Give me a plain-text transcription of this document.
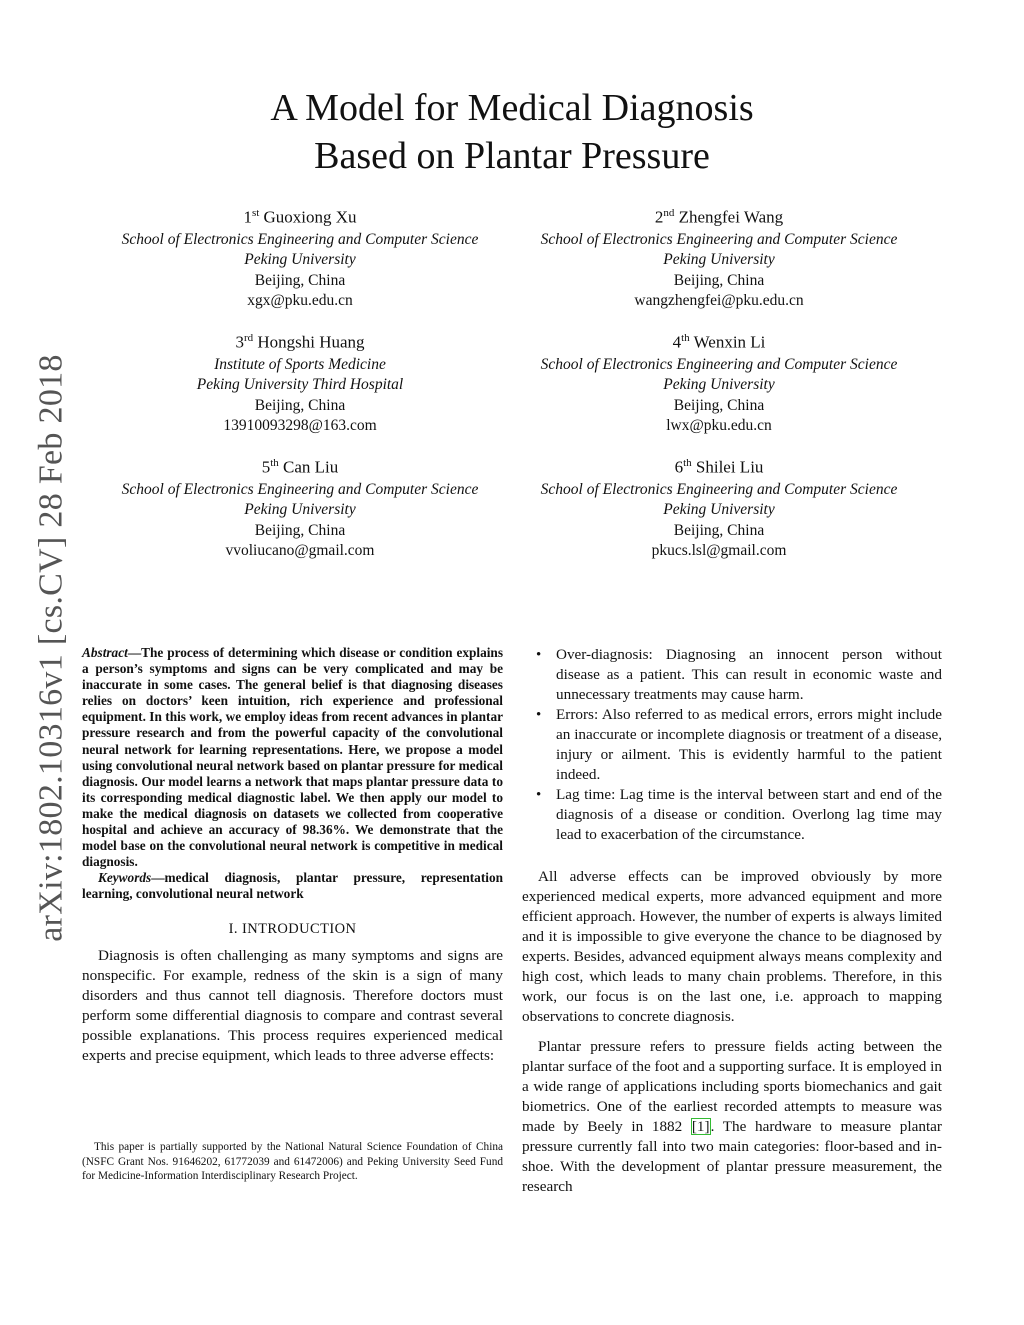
arXiv:1802.10316v1 [cs.CV] 28 Feb 2018
A Model for Medical Diagnosis
Based on Plantar Pressure
1st Guoxiong Xu
School of Electronics Engineering and Computer Science
Peking University
Beijing, China
xgx@pku.edu.cn
2nd Zhengfei Wang
School of Electronics Engineering and Computer Science
Peking University
Beijing, China
wangzhengfei@pku.edu.cn
3rd Hongshi Huang
Institute of Sports Medicine
Peking University Third Hospital
Beijing, China
13910093298@163.com
4th Wenxin Li
School of Electronics Engineering and Computer Science
Peking University
Beijing, China
lwx@pku.edu.cn
5th Can Liu
School of Electronics Engineering and Computer Science
Peking University
Beijing, China
vvoliucano@gmail.com
6th Shilei Liu
School of Electronics Engineering and Computer Science
Peking University
Beijing, China
pkucs.lsl@gmail.com

Abstract—The process of determining which disease or condition explains a person’s symptoms and signs can be very complicated and may be inaccurate in some cases. The general belief is that diagnosing diseases relies on doctors’ keen intuition, rich experience and professional equipment. In this work, we employ ideas from recent advances in plantar pressure research and from the powerful capacity of the convolutional neural network for learning representations. Here, we propose a model using convolutional neural network based on plantar pressure for medical diagnosis. Our model learns a network that maps plantar pressure data to its corresponding medical diagnostic label. We then apply our model to make the medical diagnosis on datasets we collected from cooperative hospital and achieve an accuracy of 98.36%. We demonstrate that the model base on the convolutional neural network is competitive in medical diagnosis.

Keywords—medical diagnosis, plantar pressure, representation learning, convolutional neural network

I. INTRODUCTION

Diagnosis is often challenging as many symptoms and signs are nonspecific. For example, redness of the skin is a sign of many disorders and thus cannot tell diagnosis. Therefore doctors must perform some differential diagnosis to compare and contrast several possible explanations. This process requires experienced medical experts and precise equipment, which leads to three adverse effects:

This paper is partially supported by the National Natural Science Foundation of China (NSFC Grant Nos. 91646202, 61772039 and 61472006) and Peking University Seed Fund for Medicine-Information Interdisciplinary Research Project.
• Over-diagnosis: Diagnosing an innocent person without disease as a patient. This can result in economic waste and unnecessary treatments may cause harm.
• Errors: Also referred to as medical errors, errors might include an inaccurate or incomplete diagnosis or treatment of a disease, injury or ailment. This is evidently harmful to the patient indeed.
• Lag time: Lag time is the interval between start and end of the diagnosis of a disease or condition. Overlong lag time may lead to exacerbation of the circumstance.

All adverse effects can be improved obviously by more experienced medical experts, more advanced equipment and more efficient approach. However, the number of experts is always limited and it is impossible to give everyone the chance to be diagnosed by experts. Besides, advanced equipment always means complexity and high cost, which leads to many chain problems. Therefore, in this work, our focus is on the last one, i.e. approach to mapping observations to concrete diagnosis.

Plantar pressure refers to pressure fields acting between the plantar surface of the foot and a supporting surface. It is employed in a wide range of applications including sports biomechanics and gait biometrics. One of the earliest recorded attempts to measure was made by Beely in 1882 [1]. The hardware to measure plantar pressure currently fall into two main categories: floor-based and in-shoe. With the development of plantar pressure measurement, the research
